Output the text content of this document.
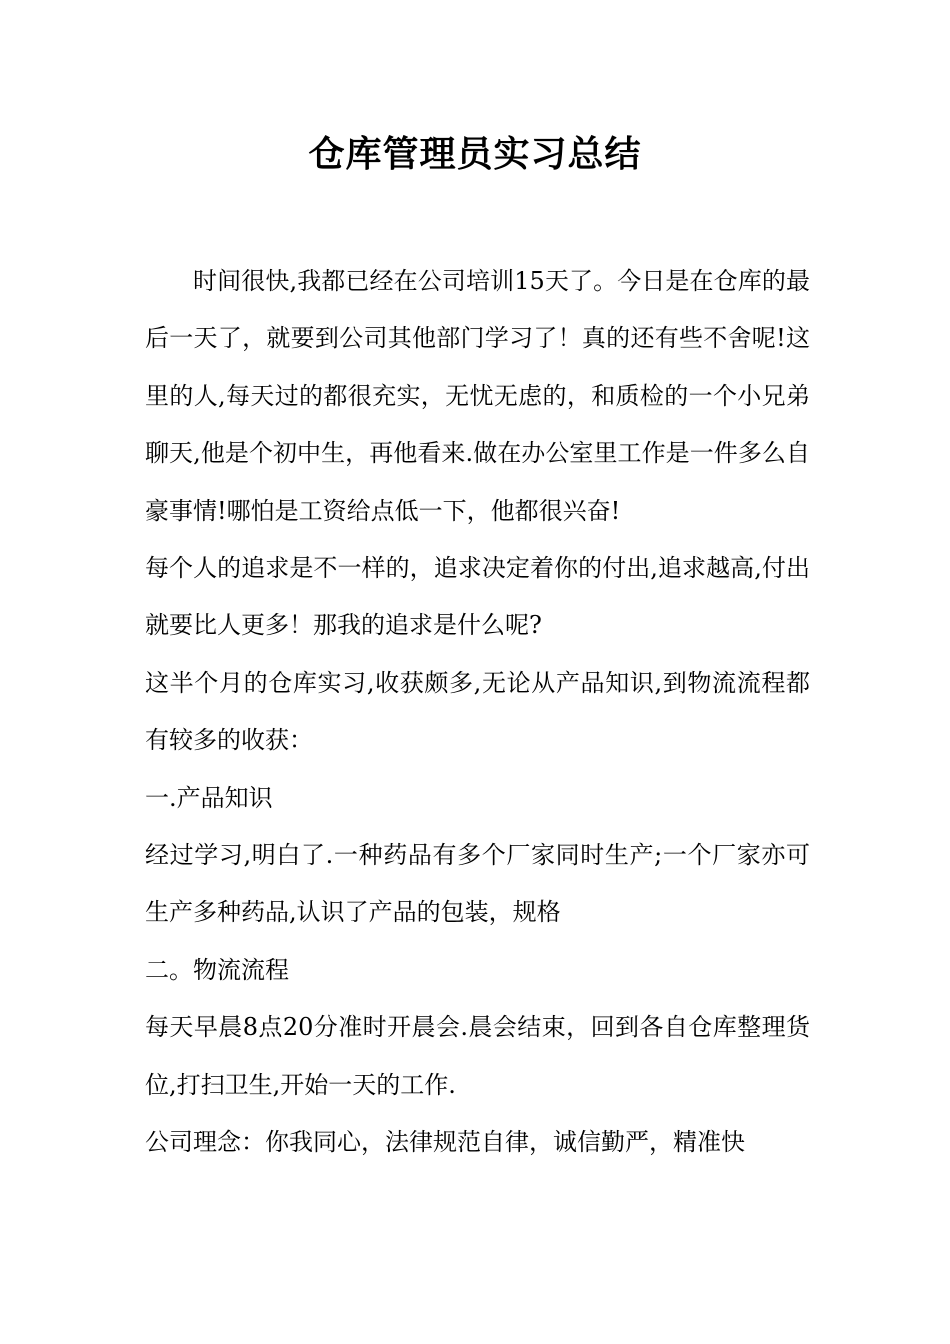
仓库管理员实习总结

时间很快,我都已经在公司培训15天了。今日是在仓库的最后一天了，就要到公司其他部门学习了！真的还有些不舍呢!这里的人,每天过的都很充实，无忧无虑的，和质检的一个小兄弟聊天,他是个初中生，再他看来.做在办公室里工作是一件多么自豪事情!哪怕是工资给点低一下，他都很兴奋!

每个人的追求是不一样的，追求决定着你的付出,追求越高,付出就要比人更多！那我的追求是什么呢?

这半个月的仓库实习,收获颇多,无论从产品知识,到物流流程都有较多的收获：

一.产品知识

经过学习,明白了.一种药品有多个厂家同时生产;一个厂家亦可生产多种药品,认识了产品的包装，规格

二。物流流程

每天早晨8点20分准时开晨会.晨会结束，回到各自仓库整理货位,打扫卫生,开始一天的工作.

公司理念：你我同心，法律规范自律，诚信勤严，精准快
